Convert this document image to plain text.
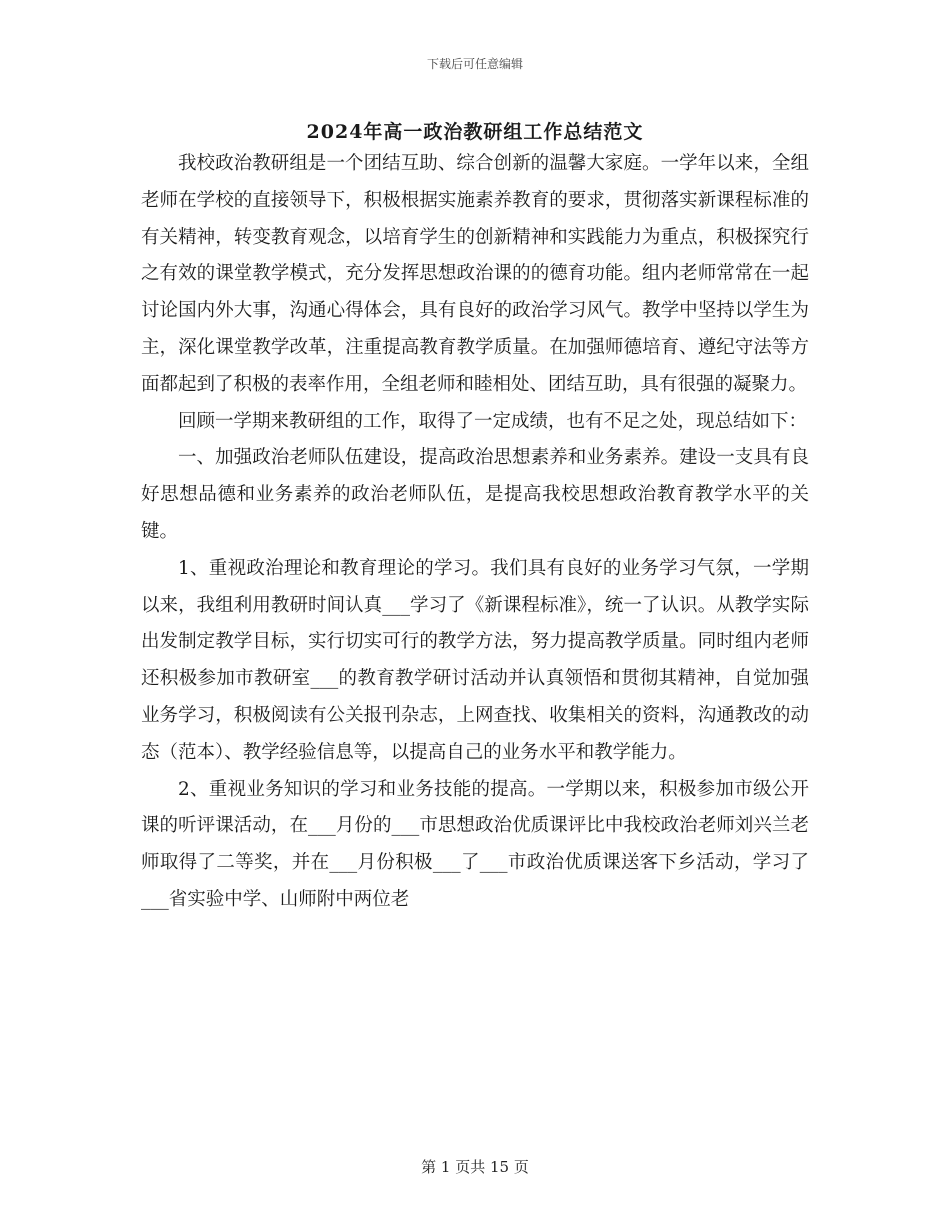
下载后可任意编辑
2024年高一政治教研组工作总结范文

我校政治教研组是一个团结互助、综合创新的温馨大家庭。一学年以来，全组老师在学校的直接领导下，积极根据实施素养教育的要求，贯彻落实新课程标准的有关精神，转变教育观念，以培育学生的创新精神和实践能力为重点，积极探究行之有效的课堂教学模式，充分发挥思想政治课的的德育功能。组内老师常常在一起讨论国内外大事，沟通心得体会，具有良好的政治学习风气。教学中坚持以学生为主，深化课堂教学改革，注重提高教育教学质量。在加强师德培育、遵纪守法等方面都起到了积极的表率作用，全组老师和睦相处、团结互助，具有很强的凝聚力。

回顾一学期来教研组的工作，取得了一定成绩，也有不足之处，现总结如下：

一、加强政治老师队伍建设，提高政治思想素养和业务素养。建设一支具有良好思想品德和业务素养的政治老师队伍，是提高我校思想政治教育教学水平的关键。

1、重视政治理论和教育理论的学习。我们具有良好的业务学习气氛，一学期以来，我组利用教研时间认真___学习了《新课程标准》，统一了认识。从教学实际出发制定教学目标，实行切实可行的教学方法，努力提高教学质量。同时组内老师还积极参加市教研室___的教育教学研讨活动并认真领悟和贯彻其精神，自觉加强业务学习，积极阅读有公关报刊杂志，上网查找、收集相关的资料，沟通教改的动态（范本）、教学经验信息等，以提高自己的业务水平和教学能力。

2、重视业务知识的学习和业务技能的提高。一学期以来，积极参加市级公开课的听评课活动，在___月份的___市思想政治优质课评比中我校政治老师刘兴兰老师取得了二等奖，并在___月份积极___了___市政治优质课送客下乡活动，学习了___省实验中学、山师附中两位老

第 1 页共 15 页
